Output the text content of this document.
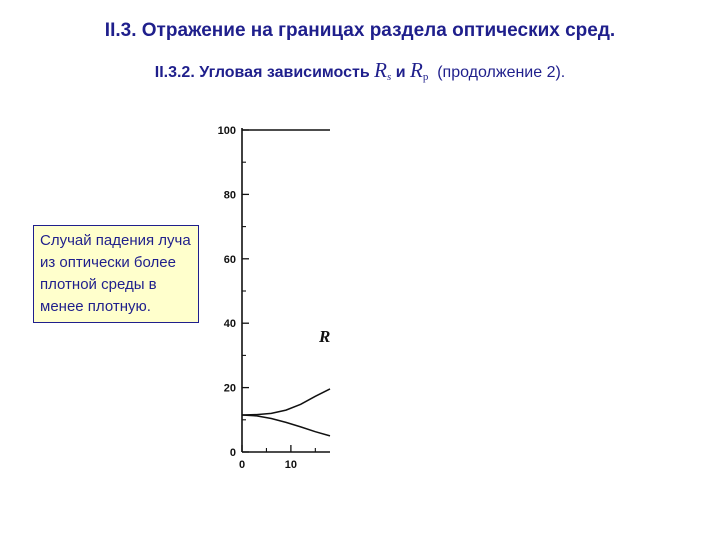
II.3. Отражение на границах раздела оптических сред.
II.3.2. Угловая зависимость $R_s$ и $R_p$ (продолжение 2).
Случай падения луча из оптически более плотной среды в менее плотную.
0
20
40
60
80
100
0	10
R
